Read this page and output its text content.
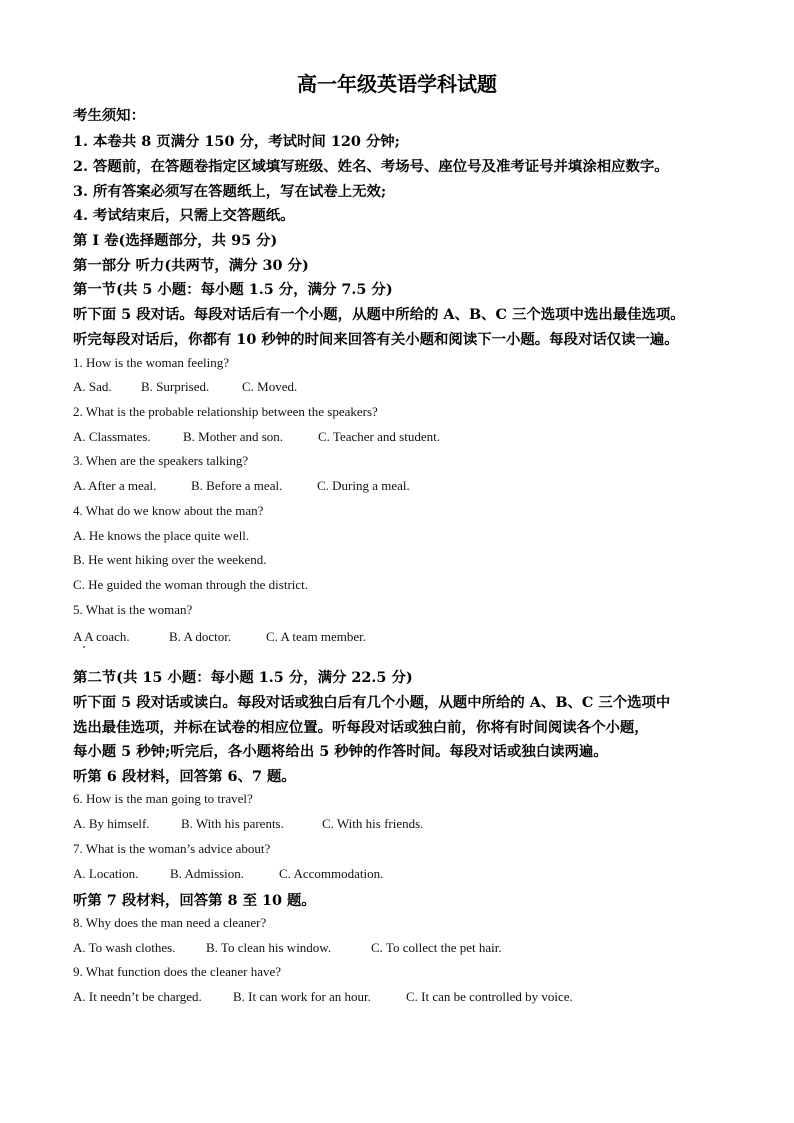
高一年级英语学科试题
考生须知：
1. 本卷共 8 页满分 150 分，考试时间 120 分钟;
2. 答题前，在答题卷指定区域填写班级、姓名、考场号、座位号及准考证号并填涂相应数字。
3. 所有答案必须写在答题纸上，写在试卷上无效;
4. 考试结束后，只需上交答题纸。
第 Ⅰ 卷(选择题部分，共 95 分)
第一部分 听力(共两节，满分 30 分)
第一节(共 5 小题：每小题 1.5 分，满分 7.5 分)
听下面 5 段对话。每段对话后有一个小题，从题中所给的 A、B、C 三个选项中选出最佳选项。
听完每段对话后，你都有 10 秒钟的时间来回答有关小题和阅读下一小题。每段对话仅读一遍。
1. How is the woman feeling?
A. Sad. B. Surprised.	C. Moved.
2. What is the probable relationship between the speakers?
A. Classmates. B. Mother and son.	C. Teacher and student.
3. When are the speakers talking?
A. After a meal.	B. Before a meal.	C. During a meal.
4. What do we know about the man?
A. He knows the place quite well.
B. He went hiking over the weekend.
C. He guided the woman through the district.
5. What is the woman?
A A coach.	B. A doctor.	C. A team member.
第二节(共 15 小题：每小题 1.5 分，满分 22.5 分)
听下面 5 段对话或读白。每段对话或独白后有几个小题，从题中所给的 A、B、C 三个选项中
选出最佳选项，并标在试卷的相应位置。听每段对话或独白前，你将有时间阅读各个小题，
每小题 5 秒钟;听完后，各小题将给出 5 秒钟的作答时间。每段对话或独白读两遍。
听第 6 段材料，回答第 6、7 题。
6. How is the man going to travel?
A. By himself. B. With his parents.	C. With his friends.
7. What is the woman’s advice about?
A. Location. B. Admission.	C. Accommodation.
听第 7 段材料，回答第 8 至 10 题。
8. Why does the man need a cleaner?
A. To wash clothes. B. To clean his window.	C. To collect the pet hair.
9. What function does the cleaner have?
A. It needn’t be charged. B. It can work for an hour.	C. It can be controlled by voice.
